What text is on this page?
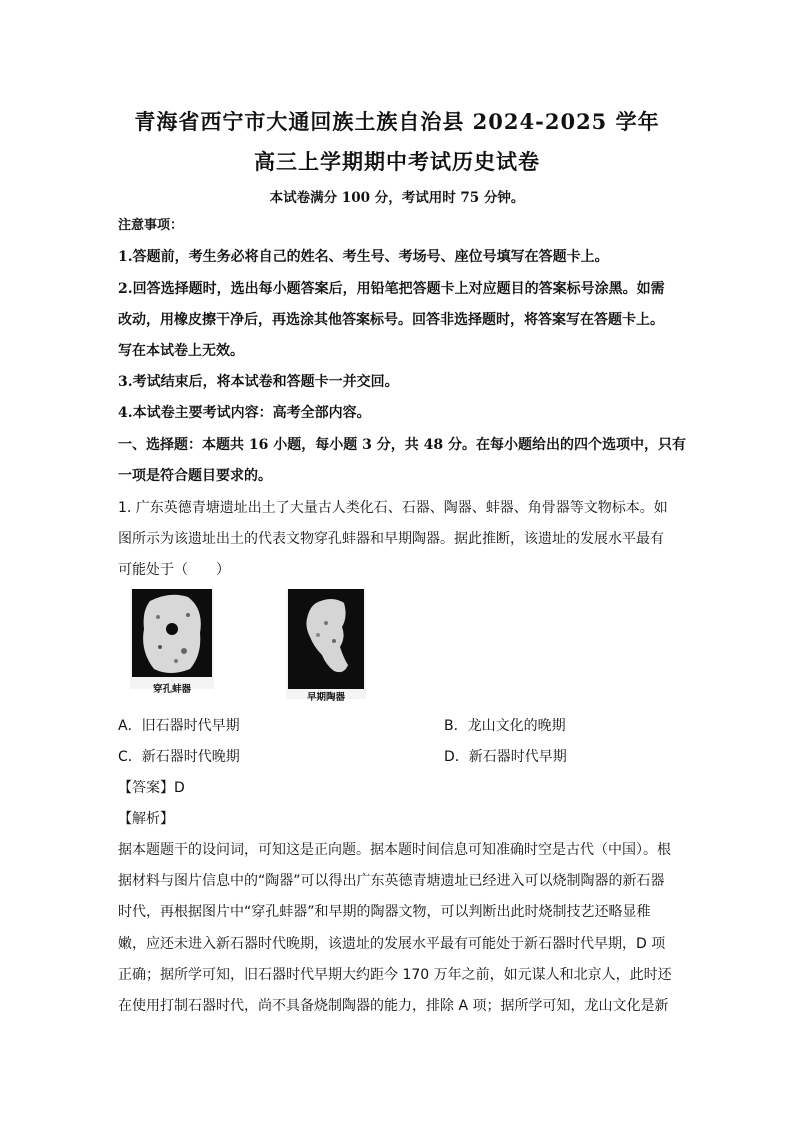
青海省西宁市大通回族土族自治县 2024-2025 学年
高三上学期期中考试历史试卷
本试卷满分 100 分，考试用时 75 分钟。
注意事项：
1.答题前，考生务必将自己的姓名、考生号、考场号、座位号填写在答题卡上。
2.回答选择题时，选出每小题答案后，用铅笔把答题卡上对应题目的答案标号涂黑。如需
改动，用橡皮擦干净后，再选涂其他答案标号。回答非选择题时，将答案写在答题卡上。
写在本试卷上无效。
3.考试结束后，将本试卷和答题卡一并交回。
4.本试卷主要考试内容：高考全部内容。
一、选择题：本题共 16 小题，每小题 3 分，共 48 分。在每小题给出的四个选项中，只有
一项是符合题目要求的。
1. 广东英德青塘遗址出土了大量古人类化石、石器、陶器、蚌器、角骨器等文物标本。如
图所示为该遗址出土的代表文物穿孔蚌器和早期陶器。据此推断，该遗址的发展水平最有
可能处于（　　）
穿孔蚌器
早期陶器
A．旧石器时代早期	B．龙山文化的晚期
C．新石器时代晚期	D．新石器时代早期
【答案】D
【解析】
据本题题干的设问词，可知这是正向题。据本题时间信息可知准确时空是古代（中国）。根
据材料与图片信息中的“陶器”可以得出广东英德青塘遗址已经进入可以烧制陶器的新石器
时代，再根据图片中“穿孔蚌器”和早期的陶器文物，可以判断出此时烧制技艺还略显稚
嫩，应还未进入新石器时代晚期，该遗址的发展水平最有可能处于新石器时代早期，D 项
正确；据所学可知，旧石器时代早期大约距今 170 万年之前，如元谋人和北京人，此时还
在使用打制石器时代，尚不具备烧制陶器的能力，排除 A 项；据所学可知，龙山文化是新
